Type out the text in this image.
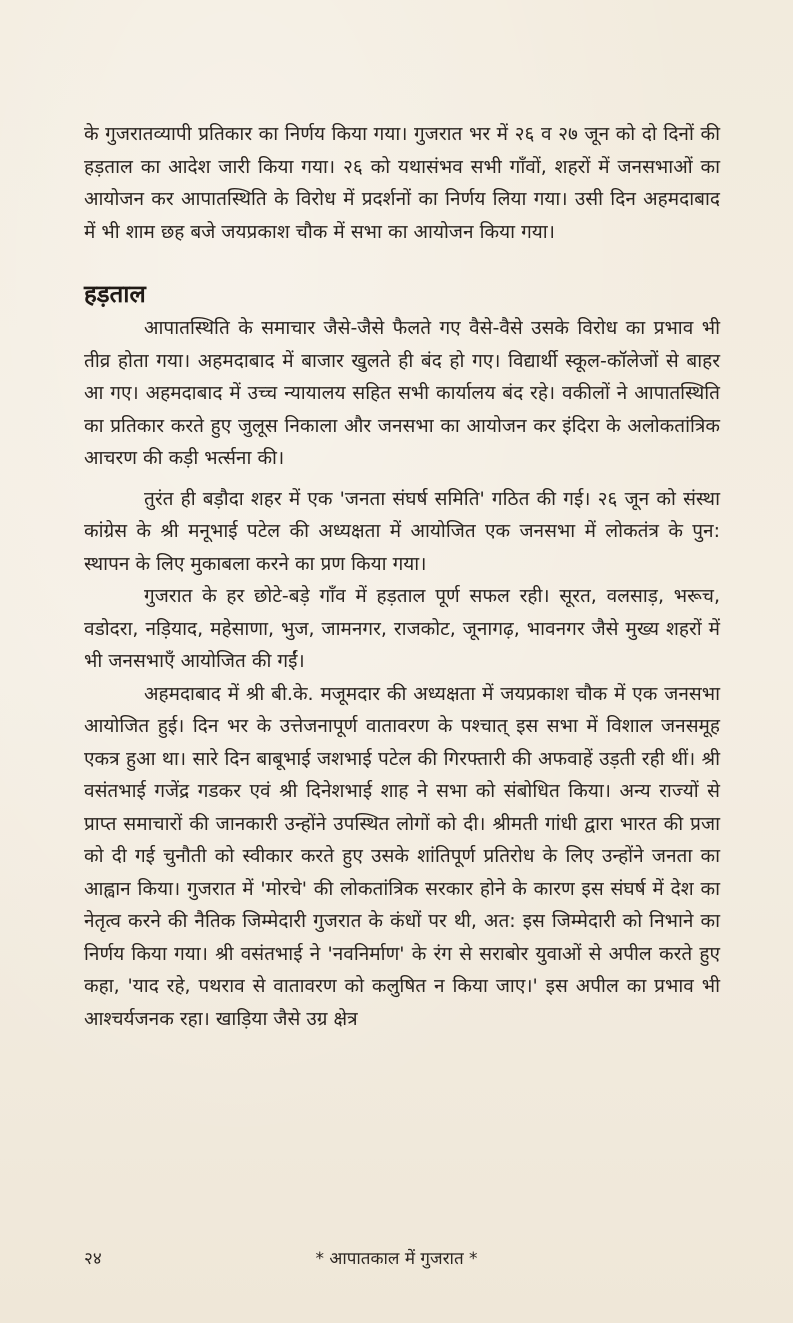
के गुजरातव्यापी प्रतिकार का निर्णय किया गया। गुजरात भर में २६ व २७ जून को दो दिनों की हड़ताल का आदेश जारी किया गया। २६ को यथासंभव सभी गाँवों, शहरों में जनसभाओं का आयोजन कर आपातस्थिति के विरोध में प्रदर्शनों का निर्णय लिया गया। उसी दिन अहमदाबाद में भी शाम छह बजे जयप्रकाश चौक में सभा का आयोजन किया गया।

हड़ताल

आपातस्थिति के समाचार जैसे-जैसे फैलते गए वैसे-वैसे उसके विरोध का प्रभाव भी तीव्र होता गया। अहमदाबाद में बाजार खुलते ही बंद हो गए। विद्यार्थी स्कूल-कॉलेजों से बाहर आ गए। अहमदाबाद में उच्च न्यायालय सहित सभी कार्यालय बंद रहे। वकीलों ने आपातस्थिति का प्रतिकार करते हुए जुलूस निकाला और जनसभा का आयोजन कर इंदिरा के अलोकतांत्रिक आचरण की कड़ी भर्त्सना की।

तुरंत ही बड़ौदा शहर में एक 'जनता संघर्ष समिति' गठित की गई। २६ जून को संस्था कांग्रेस के श्री मनूभाई पटेल की अध्यक्षता में आयोजित एक जनसभा में लोकतंत्र के पुन: स्थापन के लिए मुकाबला करने का प्रण किया गया।

गुजरात के हर छोटे-बड़े गाँव में हड़ताल पूर्ण सफल रही। सूरत, वलसाड़, भरूच, वडोदरा, नड़ियाद, महेसाणा, भुज, जामनगर, राजकोट, जूनागढ़, भावनगर जैसे मुख्य शहरों में भी जनसभाएँ आयोजित की गईं।

अहमदाबाद में श्री बी.के. मजूमदार की अध्यक्षता में जयप्रकाश चौक में एक जनसभा आयोजित हुई। दिन भर के उत्तेजनापूर्ण वातावरण के पश्चात् इस सभा में विशाल जनसमूह एकत्र हुआ था। सारे दिन बाबूभाई जशभाई पटेल की गिरफ्तारी की अफवाहें उड़ती रही थीं। श्री वसंतभाई गजेंद्र गडकर एवं श्री दिनेशभाई शाह ने सभा को संबोधित किया। अन्य राज्यों से प्राप्त समाचारों की जानकारी उन्होंने उपस्थित लोगों को दी। श्रीमती गांधी द्वारा भारत की प्रजा को दी गई चुनौती को स्वीकार करते हुए उसके शांतिपूर्ण प्रतिरोध के लिए उन्होंने जनता का आह्वान किया। गुजरात में 'मोरचे' की लोकतांत्रिक सरकार होने के कारण इस संघर्ष में देश का नेतृत्व करने की नैतिक जिम्मेदारी गुजरात के कंधों पर थी, अत: इस जिम्मेदारी को निभाने का निर्णय किया गया। श्री वसंतभाई ने 'नवनिर्माण' के रंग से सराबोर युवाओं से अपील करते हुए कहा, 'याद रहे, पथराव से वातावरण को कलुषित न किया जाए।' इस अपील का प्रभाव भी आश्चर्यजनक रहा। खाड़िया जैसे उग्र क्षेत्र

२४	* आपातकाल में गुजरात *
